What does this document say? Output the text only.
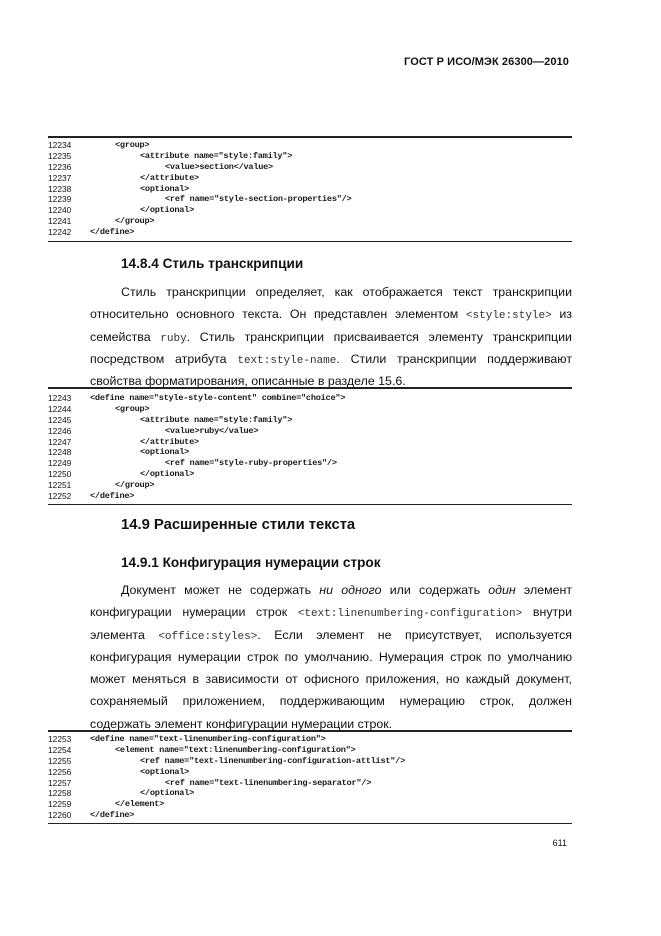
ГОСТ Р ИСО/МЭК 26300—2010
12234	<group>
12235	<attribute name="style:family">
12236	<value>section</value>
12237	</attribute>
12238	<optional>
12239	<ref name="style-section-properties"/>
12240	</optional>
12241	</group>
12242 </define>
14.8.4 Стиль транскрипции
Стиль транскрипции определяет, как отображается текст транскрипции
относительно основного текста. Он представлен элементом <style:style> из
семейства ruby. Стиль транскрипции присваивается элементу транскрипции
посредством атрибута text:style-name. Стили транскрипции поддерживают
свойства форматирования, описанные в разделе 15.6.
12243 <define name="style-style-content" combine="choice">
12244	<group>
12245	<attribute name="style:family">
12246	<value>ruby</value>
12247	</attribute>
12248	<optional>
12249	<ref name="style-ruby-properties"/>
12250	</optional>
12251	</group>
12252 </define>
14.9 Расширенные стили текста
14.9.1 Конфигурация нумерации строк
Документ может не содержать ни одного или содержать один элемент
конфигурации нумерации строк <text:linenumbering-configuration> внутри
элемента <office:styles>. Если элемент не присутствует, используется
конфигурация нумерации строк по умолчанию. Нумерация строк по умолчанию
может меняться в зависимости от офисного приложения, но каждый документ,
сохраняемый приложением, поддерживающим нумерацию строк, должен
содержать элемент конфигурации нумерации строк.
12253 <define name="text-linenumbering-configuration">
12254	<element name="text:linenumbering-configuration">
12255	<ref name="text-linenumbering-configuration-attlist"/>
12256	<optional>
12257	<ref name="text-linenumbering-separator"/>
12258	</optional>
12259	</element>
12260 </define>
611
